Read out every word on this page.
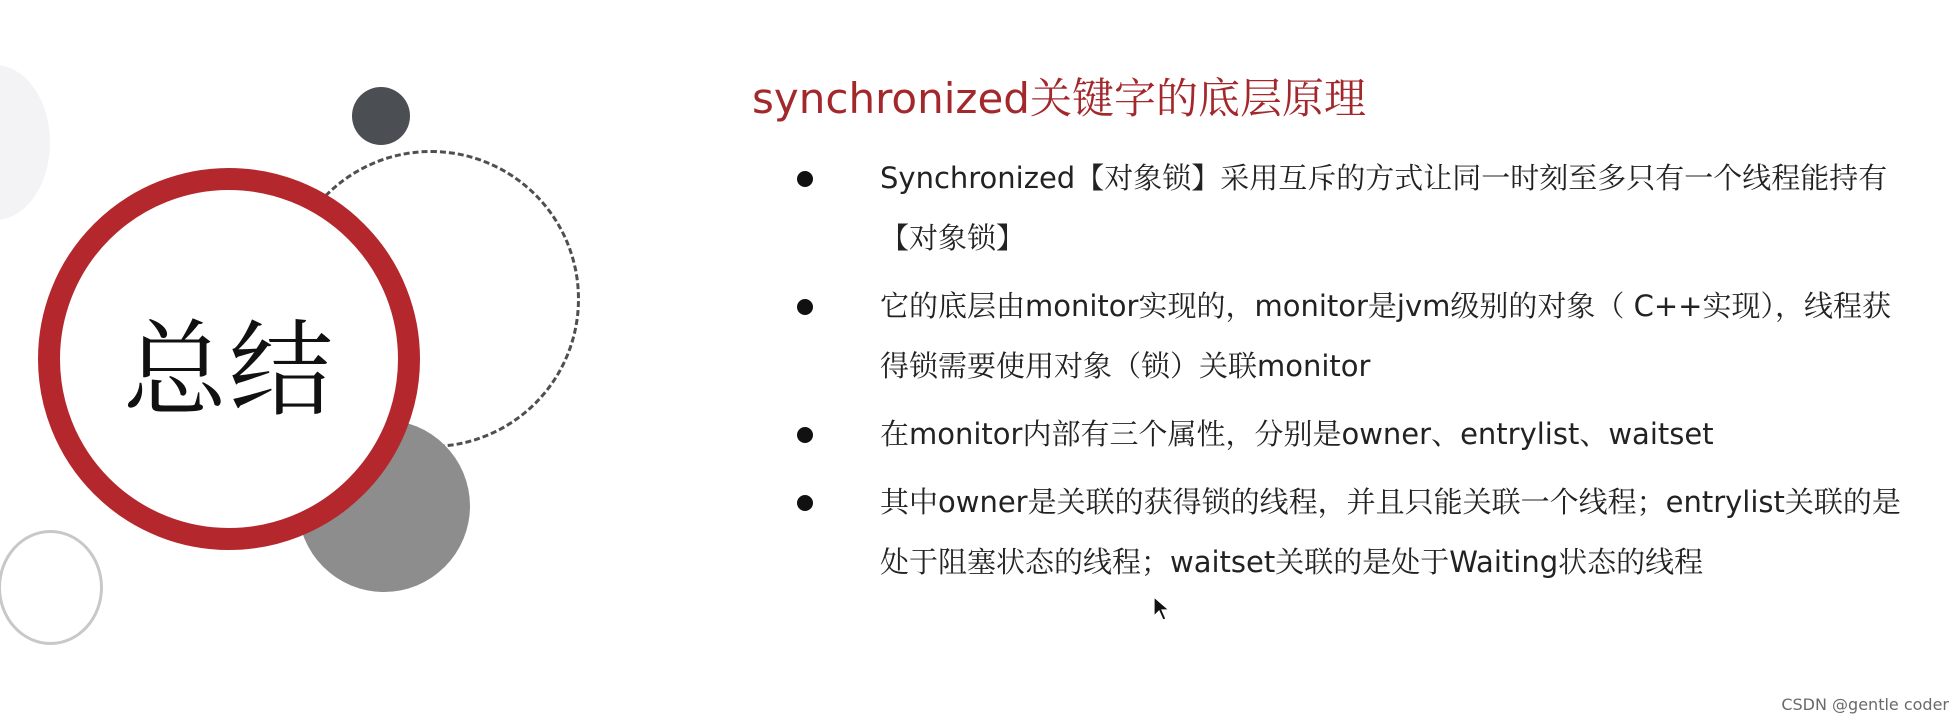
总结
synchronized关键字的底层原理
Synchronized【对象锁】采用互斥的方式让同一时刻至多只有一个线程能持有【对象锁】
它的底层由monitor实现的，monitor是jvm级别的对象（ C++实现），线程获得锁需要使用对象（锁）关联monitor
在monitor内部有三个属性，分别是owner、entrylist、waitset
其中owner是关联的获得锁的线程，并且只能关联一个线程；entrylist关联的是处于阻塞状态的线程；waitset关联的是处于Waiting状态的线程
CSDN @gentle coder
